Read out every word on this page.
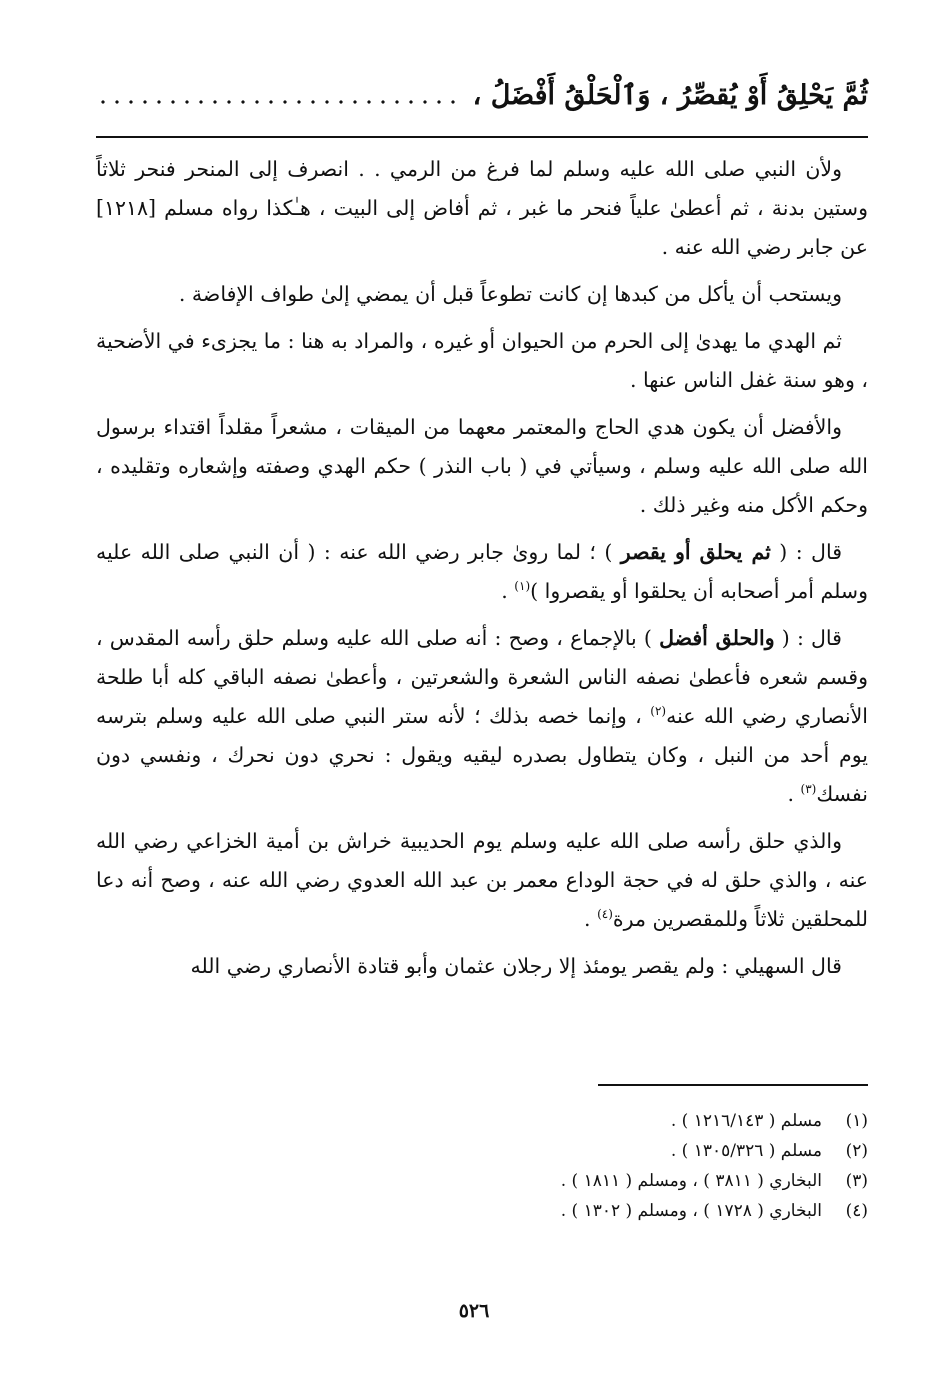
ثُمَّ يَحْلِقُ أَوْ يُقصِّرُ ، وَٱلْحَلْقُ أَفْضَلُ ،

ولأن النبي صلى الله عليه وسلم لما فرغ من الرمي . . انصرف إلى المنحر فنحر ثلاثاً وستين بدنة ، ثم أعطىٰ علياً فنحر ما غبر ، ثم أفاض إلى البيت ، هـٰكذا رواه مسلم [١٢١٨] عن جابر رضي الله عنه .

ويستحب أن يأكل من كبدها إن كانت تطوعاً قبل أن يمضي إلىٰ طواف الإفاضة .

ثم الهدي ما يهدىٰ إلى الحرم من الحيوان أو غيره ، والمراد به هنا : ما يجزىء في الأضحية ، وهو سنة غفل الناس عنها .

والأفضل أن يكون هدي الحاج والمعتمر معهما من الميقات ، مشعراً مقلداً اقتداء برسول الله صلى الله عليه وسلم ، وسيأتي في ( باب النذر ) حكم الهدي وصفته وإشعاره وتقليده ، وحكم الأكل منه وغير ذلك .

قال : ( ثم يحلق أو يقصر ) ؛ لما روىٰ جابر رضي الله عنه : ( أن النبي صلى الله عليه وسلم أمر أصحابه أن يحلقوا أو يقصروا )$^{(١)}$ .

قال : ( والحلق أفضل ) بالإجماع ، وصح : أنه صلى الله عليه وسلم حلق رأسه المقدس ، وقسم شعره فأعطىٰ نصفه الناس الشعرة والشعرتين ، وأعطىٰ نصفه الباقي كله أبا طلحة الأنصاري رضي الله عنه$^{(٢)}$ ، وإنما خصه بذلك ؛ لأنه ستر النبي صلى الله عليه وسلم بترسه يوم أحد من النبل ، وكان يتطاول بصدره ليقيه ويقول : نحري دون نحرك ، ونفسي دون نفسك$^{(٣)}$ .

والذي حلق رأسه صلى الله عليه وسلم يوم الحديبية خراش بن أمية الخزاعي رضي الله عنه ، والذي حلق له في حجة الوداع معمر بن عبد الله العدوي رضي الله عنه ، وصح أنه دعا للمحلقين ثلاثاً وللمقصرين مرة$^{(٤)}$ .

قال السهيلي : ولم يقصر يومئذ إلا رجلان عثمان وأبو قتادة الأنصاري رضي الله

(١)
مسلم ( ١٢١٦/١٤٣ ) .
(٢)
مسلم ( ١٣٠٥/٣٢٦ ) .
(٣)
البخاري ( ٣٨١١ ) ، ومسلم ( ١٨١١ ) .
(٤)
البخاري ( ١٧٢٨ ) ، ومسلم ( ١٣٠٢ ) .
٥٢٦
